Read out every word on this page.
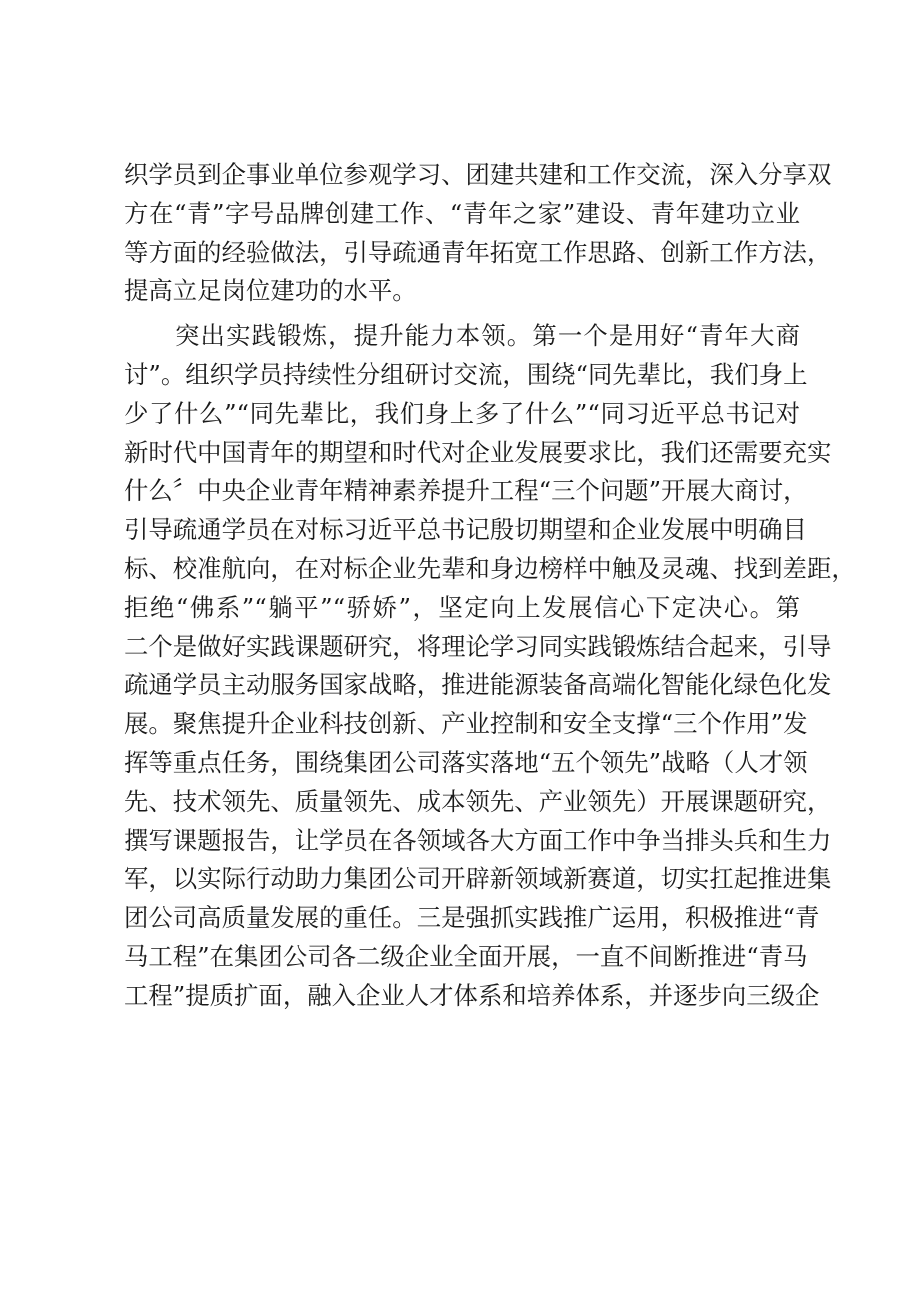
织学员到企事业单位参观学习、团建共建和工作交流，深入分享双
方在“青”字号品牌创建工作、“青年之家”建设、青年建功立业
等方面的经验做法，引导疏通青年拓宽工作思路、创新工作方法，
提高立足岗位建功的水平。
　　突出实践锻炼，提升能力本领。第一个是用好“青年大商
讨”。组织学员持续性分组研讨交流，围绕“同先辈比，我们身上
少了什么”“同先辈比，我们身上多了什么”“同习近平总书记对
新时代中国青年的期望和时代对企业发展要求比，我们还需要充实
什么〞中央企业青年精神素养提升工程“三个问题”开展大商讨，
引导疏通学员在对标习近平总书记殷切期望和企业发展中明确目
标、校准航向，在对标企业先辈和身边榜样中触及灵魂、找到差距，
拒绝“佛系”“躺平”“骄娇”，坚定向上发展信心下定决心。第
二个是做好实践课题研究，将理论学习同实践锻炼结合起来，引导
疏通学员主动服务国家战略，推进能源装备高端化智能化绿色化发
展。聚焦提升企业科技创新、产业控制和安全支撑“三个作用”发
挥等重点任务，围绕集团公司落实落地“五个领先”战略（人才领
先、技术领先、质量领先、成本领先、产业领先）开展课题研究，
撰写课题报告，让学员在各领域各大方面工作中争当排头兵和生力
军，以实际行动助力集团公司开辟新领域新赛道，切实扛起推进集
团公司高质量发展的重任。三是强抓实践推广运用，积极推进“青
马工程”在集团公司各二级企业全面开展，一直不间断推进“青马
工程”提质扩面，融入企业人才体系和培养体系，并逐步向三级企
